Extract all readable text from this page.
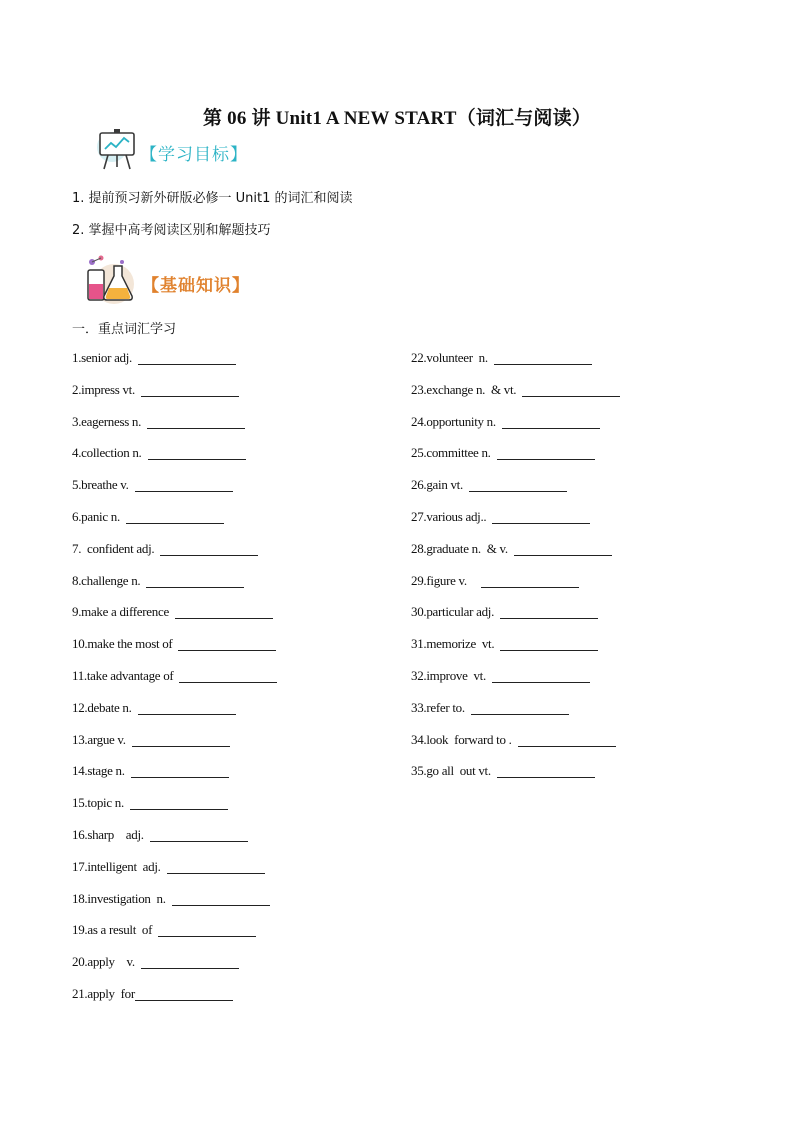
第 06 讲 Unit1 A NEW START（词汇与阅读）
【学习目标】
1. 提前预习新外研版必修一 Unit1 的词汇和阅读
2. 掌握中高考阅读区别和解题技巧
【基础知识】
一．重点词汇学习
1.senior adj.
2.impress vt.
3.eagerness n.
4.collection n.
5.breathe v.
6.panic n.
7.  confident adj.
8.challenge n.
9.make a difference
10.make the most of
11.take advantage of
12.debate n.
13.argue v.
14.stage n.
15.topic n.
16.sharp    adj.
17.intelligent  adj.
18.investigation  n.
19.as a result  of
20.apply    v.
21.apply  for
22.volunteer  n.
23.exchange n.  & vt.
24.opportunity n.
25.committee n.
26.gain vt.
27.various adj..
28.graduate n.  & v.
29.figure v.
30.particular adj.
31.memorize  vt.
32.improve  vt.
33.refer to.
34.look  forward to .
35.go all  out vt.
